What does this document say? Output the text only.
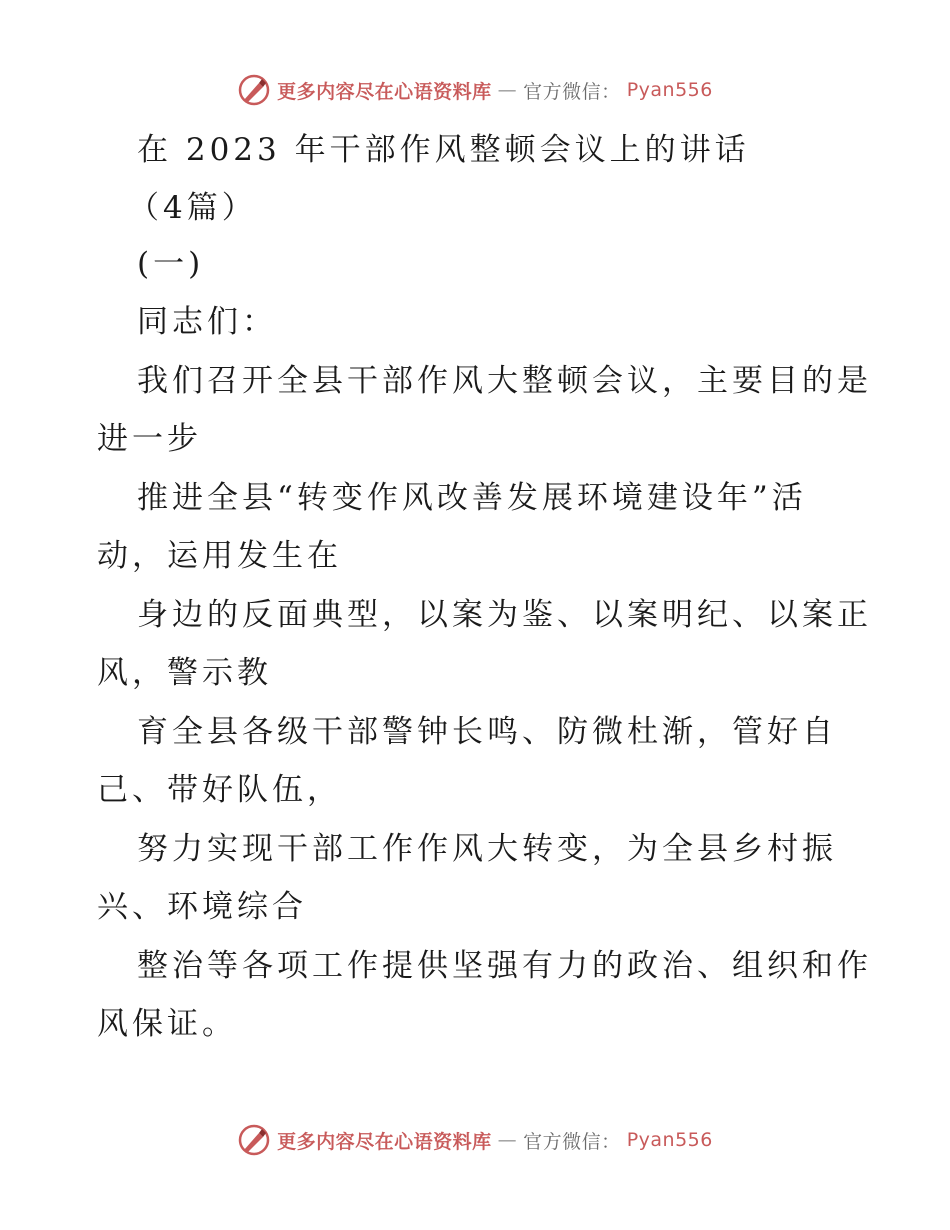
更多内容尽在心语资料库 — 官方微信： Pyan556
在 2023 年干部作风整顿会议上的讲话
（4篇）
(一)
同志们：
我们召开全县干部作风大整顿会议，主要目的是
进一步
推进全县“转变作风改善发展环境建设年”活
动，运用发生在
身边的反面典型，以案为鉴、以案明纪、以案正
风，警示教
育全县各级干部警钟长鸣、防微杜渐，管好自
己、带好队伍，
努力实现干部工作作风大转变，为全县乡村振
兴、环境综合
整治等各项工作提供坚强有力的政治、组织和作
风保证。
更多内容尽在心语资料库 — 官方微信： Pyan556
